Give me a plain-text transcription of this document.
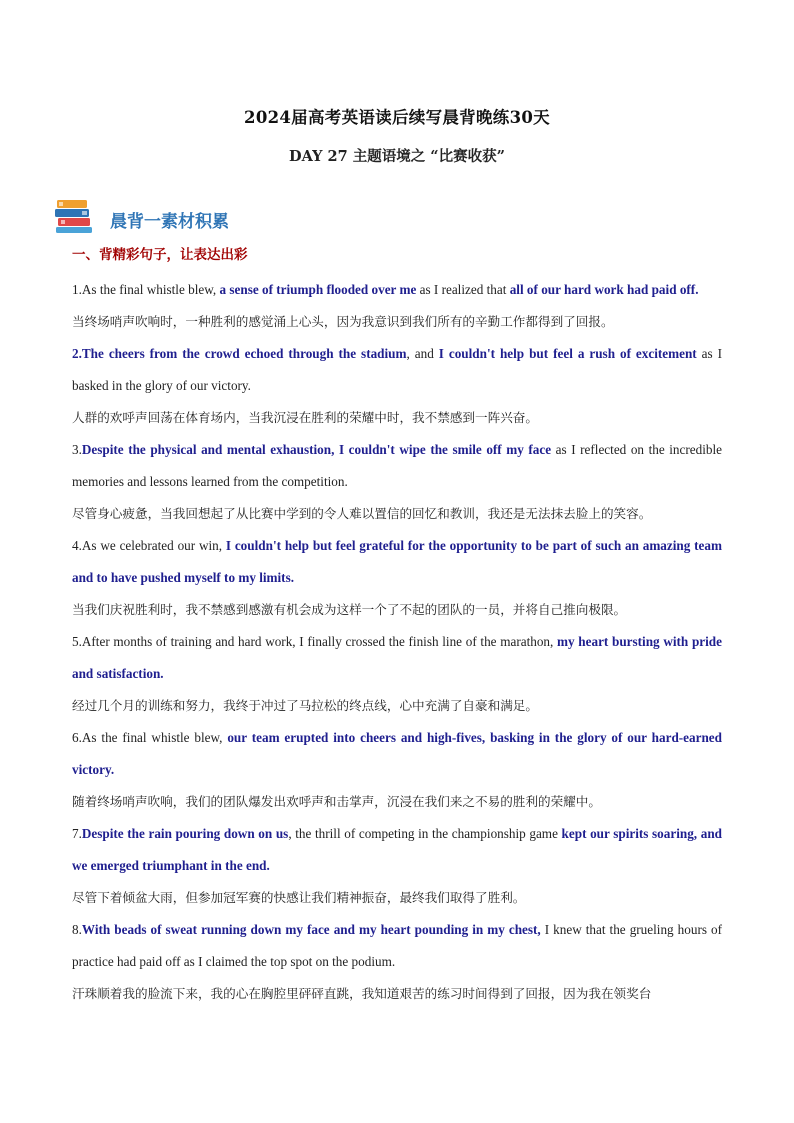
2024届高考英语读后续写晨背晚练30天
DAY 27 主题语境之 “比赛收获”
晨背一素材积累
一、背精彩句子，让表达出彩

1.As the final whistle blew, a sense of triumph flooded over me as I realized that all of our hard work had paid off.

当终场哨声吹响时，一种胜利的感觉涌上心头，因为我意识到我们所有的辛勤工作都得到了回报。

2.The cheers from the crowd echoed through the stadium, and I couldn't help but feel a rush of excitement as I basked in the glory of our victory.

人群的欢呼声回荡在体育场内，当我沉浸在胜利的荣耀中时，我不禁感到一阵兴奋。

3.Despite the physical and mental exhaustion, I couldn't wipe the smile off my face as I reflected on the incredible memories and lessons learned from the competition.

尽管身心疲惫，当我回想起了从比赛中学到的令人难以置信的回忆和教训，我还是无法抹去脸上的笑容。

4.As we celebrated our win, I couldn't help but feel grateful for the opportunity to be part of such an amazing team and to have pushed myself to my limits.

当我们庆祝胜利时，我不禁感到感激有机会成为这样一个了不起的团队的一员，并将自己推向极限。

5.After months of training and hard work, I finally crossed the finish line of the marathon, my heart bursting with pride and satisfaction.

经过几个月的训练和努力，我终于冲过了马拉松的终点线，心中充满了自豪和满足。

6.As the final whistle blew, our team erupted into cheers and high-fives, basking in the glory of our hard-earned victory.

随着终场哨声吹响，我们的团队爆发出欢呼声和击掌声，沉浸在我们来之不易的胜利的荣耀中。

7.Despite the rain pouring down on us, the thrill of competing in the championship game kept our spirits soaring, and we emerged triumphant in the end.

尽管下着倾盆大雨，但参加冠军赛的快感让我们精神振奋，最终我们取得了胜利。

8.With beads of sweat running down my face and my heart pounding in my chest, I knew that the grueling hours of practice had paid off as I claimed the top spot on the podium.

汗珠顺着我的脸流下来，我的心在胸腔里砰砰直跳，我知道艰苦的练习时间得到了回报，因为我在领奖台
